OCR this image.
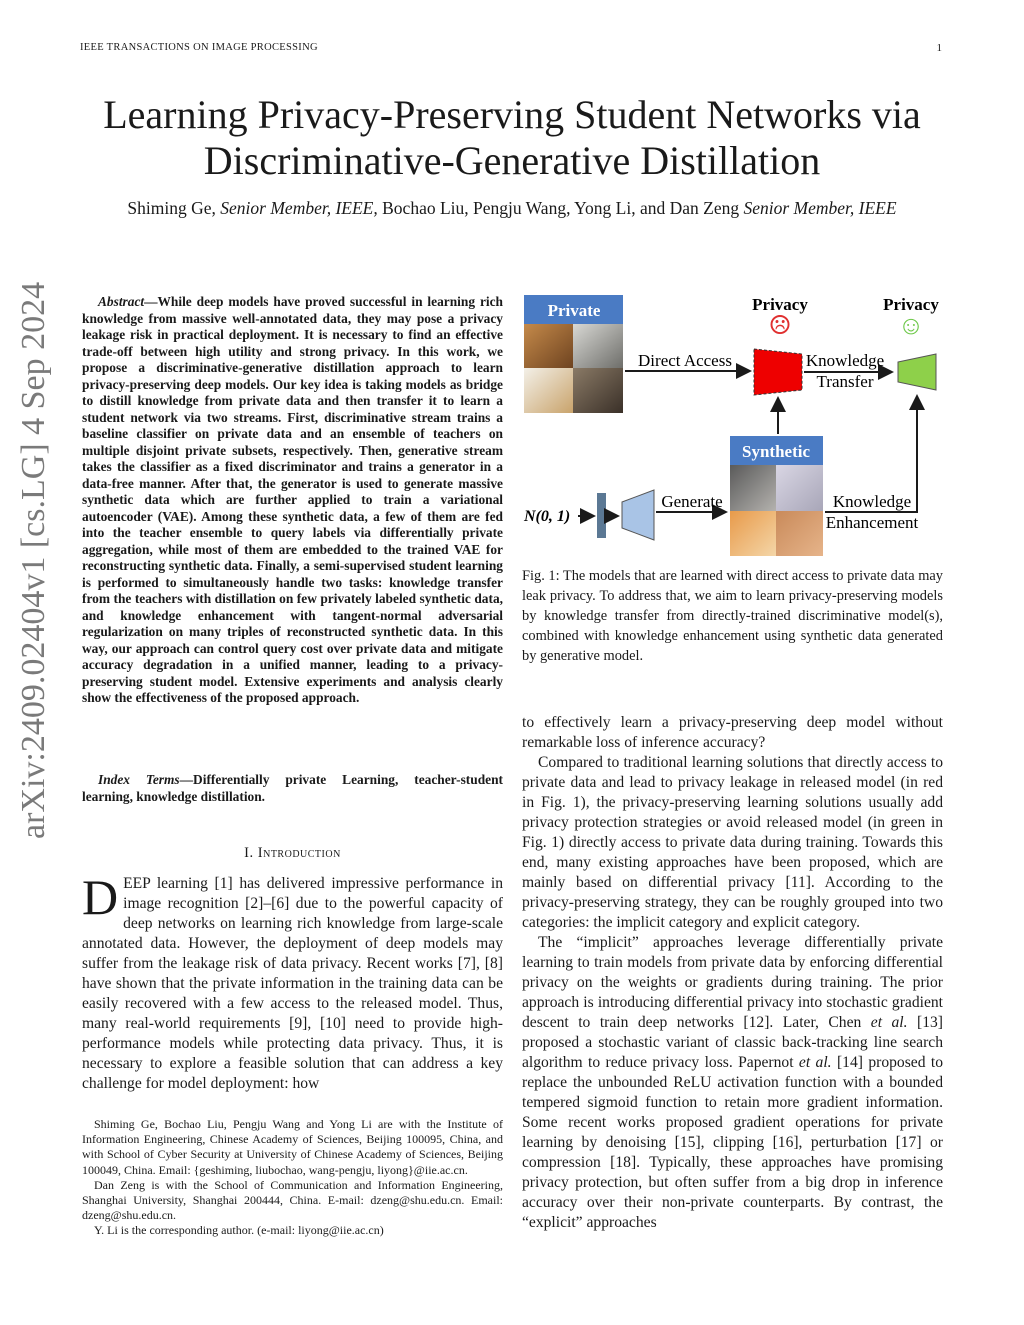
IEEE TRANSACTIONS ON IMAGE PROCESSING	1
Learning Privacy-Preserving Student Networks via
Discriminative-Generative Distillation
Shiming Ge, Senior Member, IEEE, Bochao Liu, Pengju Wang, Yong Li, and Dan Zeng Senior Member, IEEE
arXiv:2409.02404v1 [cs.LG] 4 Sep 2024	Abstract—While deep models have proved successful in learning rich knowledge from massive well-annotated data, they may pose a privacy leakage risk in practical deployment. It is necessary to find an effective trade-off between high utility and strong privacy. In this work, we propose a discriminative-generative distillation approach to learn privacy-preserving deep models. Our key idea is taking models as bridge to distill knowledge from private data and then transfer it to learn a student network via two streams. First, discriminative stream trains a baseline classifier on private data and an ensemble of teachers on multiple disjoint private subsets, respectively. Then, generative stream takes the classifier as a fixed discriminator and trains a generator in a data-free manner. After that, the generator is used to generate massive synthetic data which are further applied to train a variational autoencoder (VAE). Among these synthetic data, a few of them are fed into the teacher ensemble to query labels via differentially private aggregation, while most of them are embedded to the trained VAE for reconstructing synthetic data. Finally, a semi-supervised student learning is performed to simultaneously handle two tasks: knowledge transfer from the teachers with distillation on few privately labeled synthetic data, and knowledge enhancement with tangent-normal adversarial regularization on many triples of reconstructed synthetic data. In this way, our approach can control query cost over private data and mitigate accuracy degradation in a unified manner, leading to a privacy-preserving student model. Extensive experiments and analysis clearly show the effectiveness of the proposed approach.
Index Terms—Differentially private Learning, teacher-student learning, knowledge distillation.
I. Introduction
DEEP learning [1] has delivered impressive performance in image recognition [2]–[6] due to the powerful capacity of deep networks on learning rich knowledge from large-scale annotated data. However, the deployment of deep models may suffer from the leakage risk of data privacy. Recent works [7], [8] have shown that the private information in the training data can be easily recovered with a few access to the released model. Thus, many real-world requirements [9], [10] need to provide high-performance models while protecting data privacy. Thus, it is necessary to explore a feasible solution that can address a key challenge for model deployment: how

Shiming Ge, Bochao Liu, Pengju Wang and Yong Li are with the Institute of Information Engineering, Chinese Academy of Sciences, Beijing 100095, China, and with School of Cyber Security at University of Chinese Academy of Sciences, Beijing 100049, China. Email: {geshiming, liubochao, wang-pengju, liyong}@iie.ac.cn.

Dan Zeng is with the School of Communication and Information Engineering, Shanghai University, Shanghai 200444, China. E-mail: dzeng@shu.edu.cn. Email: dzeng@shu.edu.cn.

Y. Li is the corresponding author. (e-mail: liyong@iie.ac.cn)

Private
Direct Access
Privacy
☹
Privacy
☺
Knowledge
Transfer
Synthetic
N(0, 1)
Generate	Knowledge
Enhancement
Fig. 1: The models that are learned with direct access to private data may leak privacy. To address that, we aim to learn privacy-preserving models by knowledge transfer from directly-trained discriminative model(s), combined with knowledge enhancement using synthetic data generated by generative model.

to effectively learn a privacy-preserving deep model without remarkable loss of inference accuracy?

Compared to traditional learning solutions that directly access to private data and lead to privacy leakage in released model (in red in Fig. 1), the privacy-preserving learning solutions usually add privacy protection strategies or avoid released model (in green in Fig. 1) directly access to private data during training. Towards this end, many existing approaches have been proposed, which are mainly based on differential privacy [11]. According to the privacy-preserving strategy, they can be roughly grouped into two categories: the implicit category and explicit category.

The “implicit” approaches leverage differentially private learning to train models from private data by enforcing differential privacy on the weights or gradients during training. The prior approach is introducing differential privacy into stochastic gradient descent to train deep networks [12]. Later, Chen et al. [13] proposed a stochastic variant of classic back-tracking line search algorithm to reduce privacy loss. Papernot et al. [14] proposed to replace the unbounded ReLU activation function with a bounded tempered sigmoid function to retain more gradient information. Some recent works proposed gradient operations for private learning by denoising [15], clipping [16], perturbation [17] or compression [18]. Typically, these approaches have promising privacy protection, but often suffer from a big drop in inference accuracy over their non-private counterparts. By contrast, the “explicit” approaches
